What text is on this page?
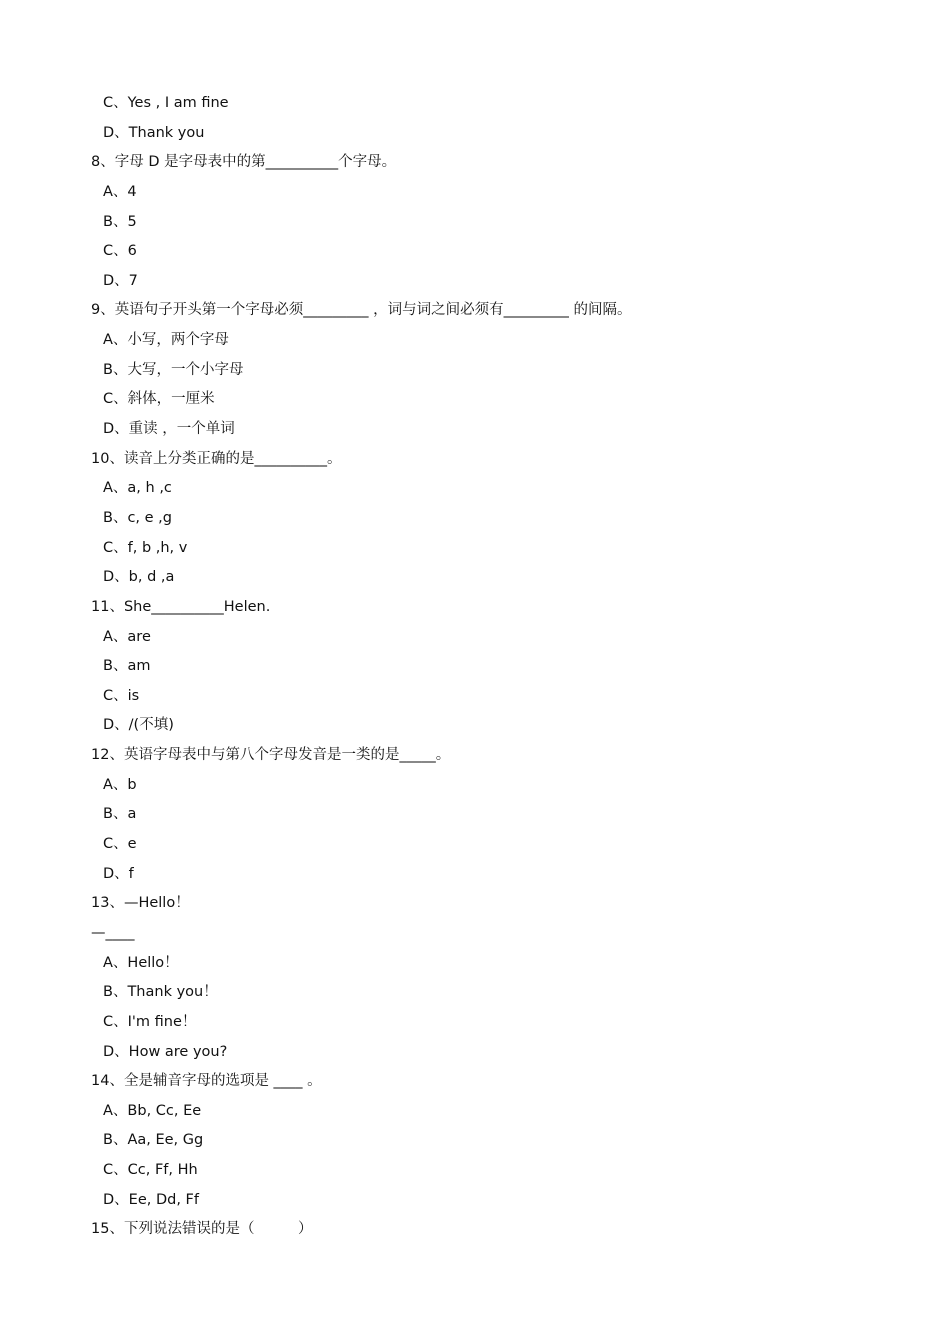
C、Yes , I am fine
D、Thank you
8、字母 D 是字母表中的第__________个字母。
A、4
B、5
C、6
D、7
9、英语句子开头第一个字母必须_________ ，词与词之间必须有_________ 的间隔。
A、小写，两个字母
B、大写，一个小字母
C、斜体，一厘米
D、重读 ，一个单词
10、读音上分类正确的是__________。
A、a, h ,c
B、c, e ,g
C、f, b ,h, v
D、b, d ,a
11、She__________Helen.
A、are
B、am
C、is
D、/(不填)
12、英语字母表中与第八个字母发音是一类的是_____。
A、b
B、a
C、e
D、f
13、—Hello！
—____
A、Hello！
B、Thank you！
C、I'm fine！
D、How are you?
14、全是辅音字母的选项是 ____ 。
A、Bb, Cc, Ee
B、Aa, Ee, Gg
C、Cc, Ff, Hh
D、Ee, Dd, Ff
15、下列说法错误的是（　　　）
